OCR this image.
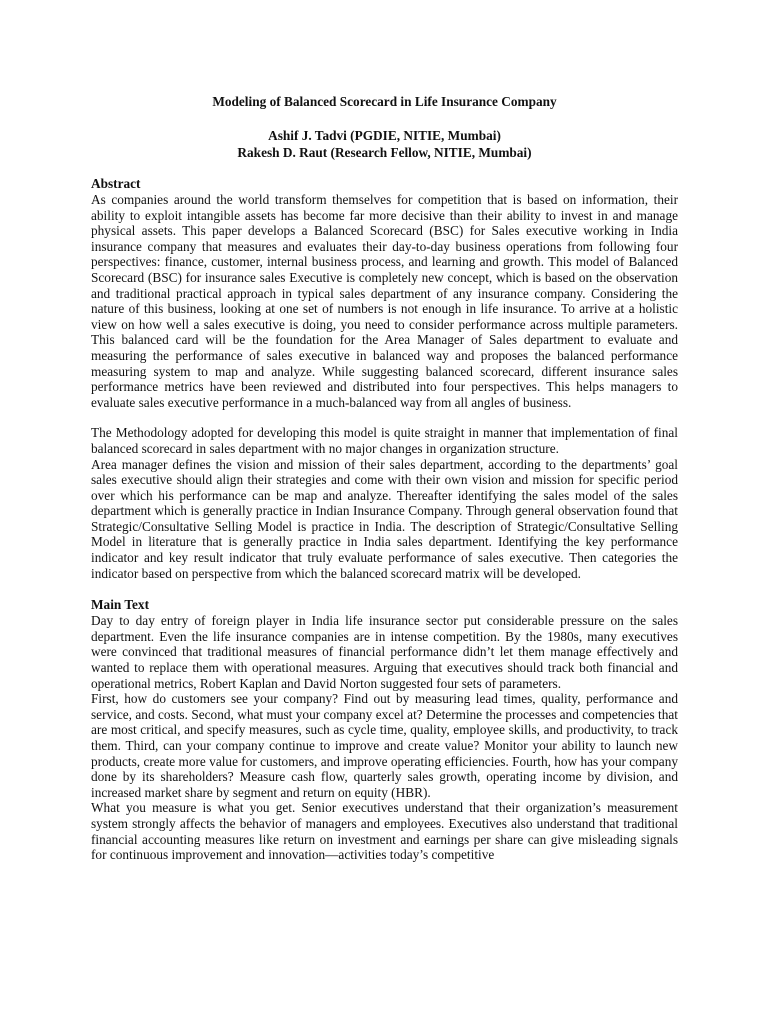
Modeling of Balanced Scorecard in Life Insurance Company
Ashif J. Tadvi (PGDIE, NITIE, Mumbai)
Rakesh D. Raut (Research Fellow, NITIE, Mumbai)
Abstract

As companies around the world transform themselves for competition that is based on information, their ability to exploit intangible assets has become far more decisive than their ability to invest in and manage physical assets. This paper develops a Balanced Scorecard (BSC) for Sales executive working in India insurance company that measures and evaluates their day-to-day business operations from following four perspectives: finance, customer, internal business process, and learning and growth. This model of Balanced Scorecard (BSC) for insurance sales Executive is completely new concept, which is based on the observation and traditional practical approach in typical sales department of any insurance company. Considering the nature of this business, looking at one set of numbers is not enough in life insurance. To arrive at a holistic view on how well a sales executive is doing, you need to consider performance across multiple parameters. This balanced card will be the foundation for the Area Manager of Sales department to evaluate and measuring the performance of sales executive in balanced way and proposes the balanced performance measuring system to map and analyze. While suggesting balanced scorecard, different insurance sales performance metrics have been reviewed and distributed into four perspectives. This helps managers to evaluate sales executive performance in a much-balanced way from all angles of business.

The Methodology adopted for developing this model is quite straight in manner that implementation of final balanced scorecard in sales department with no major changes in organization structure.

Area manager defines the vision and mission of their sales department, according to the departments’ goal sales executive should align their strategies and come with their own vision and mission for specific period over which his performance can be map and analyze. Thereafter identifying the sales model of the sales department which is generally practice in Indian Insurance Company. Through general observation found that Strategic/Consultative Selling Model is practice in India. The description of Strategic/Consultative Selling Model in literature that is generally practice in India sales department. Identifying the key performance indicator and key result indicator that truly evaluate performance of sales executive. Then categories the indicator based on perspective from which the balanced scorecard matrix will be developed.

Main Text

Day to day entry of foreign player in India life insurance sector put considerable pressure on the sales department. Even the life insurance companies are in intense competition. By the 1980s, many executives were convinced that traditional measures of financial performance didn’t let them manage effectively and wanted to replace them with operational measures. Arguing that executives should track both financial and operational metrics, Robert Kaplan and David Norton suggested four sets of parameters.

First, how do customers see your company? Find out by measuring lead times, quality, performance and service, and costs. Second, what must your company excel at? Determine the processes and competencies that are most critical, and specify measures, such as cycle time, quality, employee skills, and productivity, to track them. Third, can your company continue to improve and create value? Monitor your ability to launch new products, create more value for customers, and improve operating efficiencies. Fourth, how has your company done by its shareholders? Measure cash flow, quarterly sales growth, operating income by division, and increased market share by segment and return on equity (HBR).

What you measure is what you get. Senior executives understand that their organization’s measurement system strongly affects the behavior of managers and employees. Executives also understand that traditional financial accounting measures like return on investment and earnings per share can give misleading signals for continuous improvement and innovation—activities today’s competitive
